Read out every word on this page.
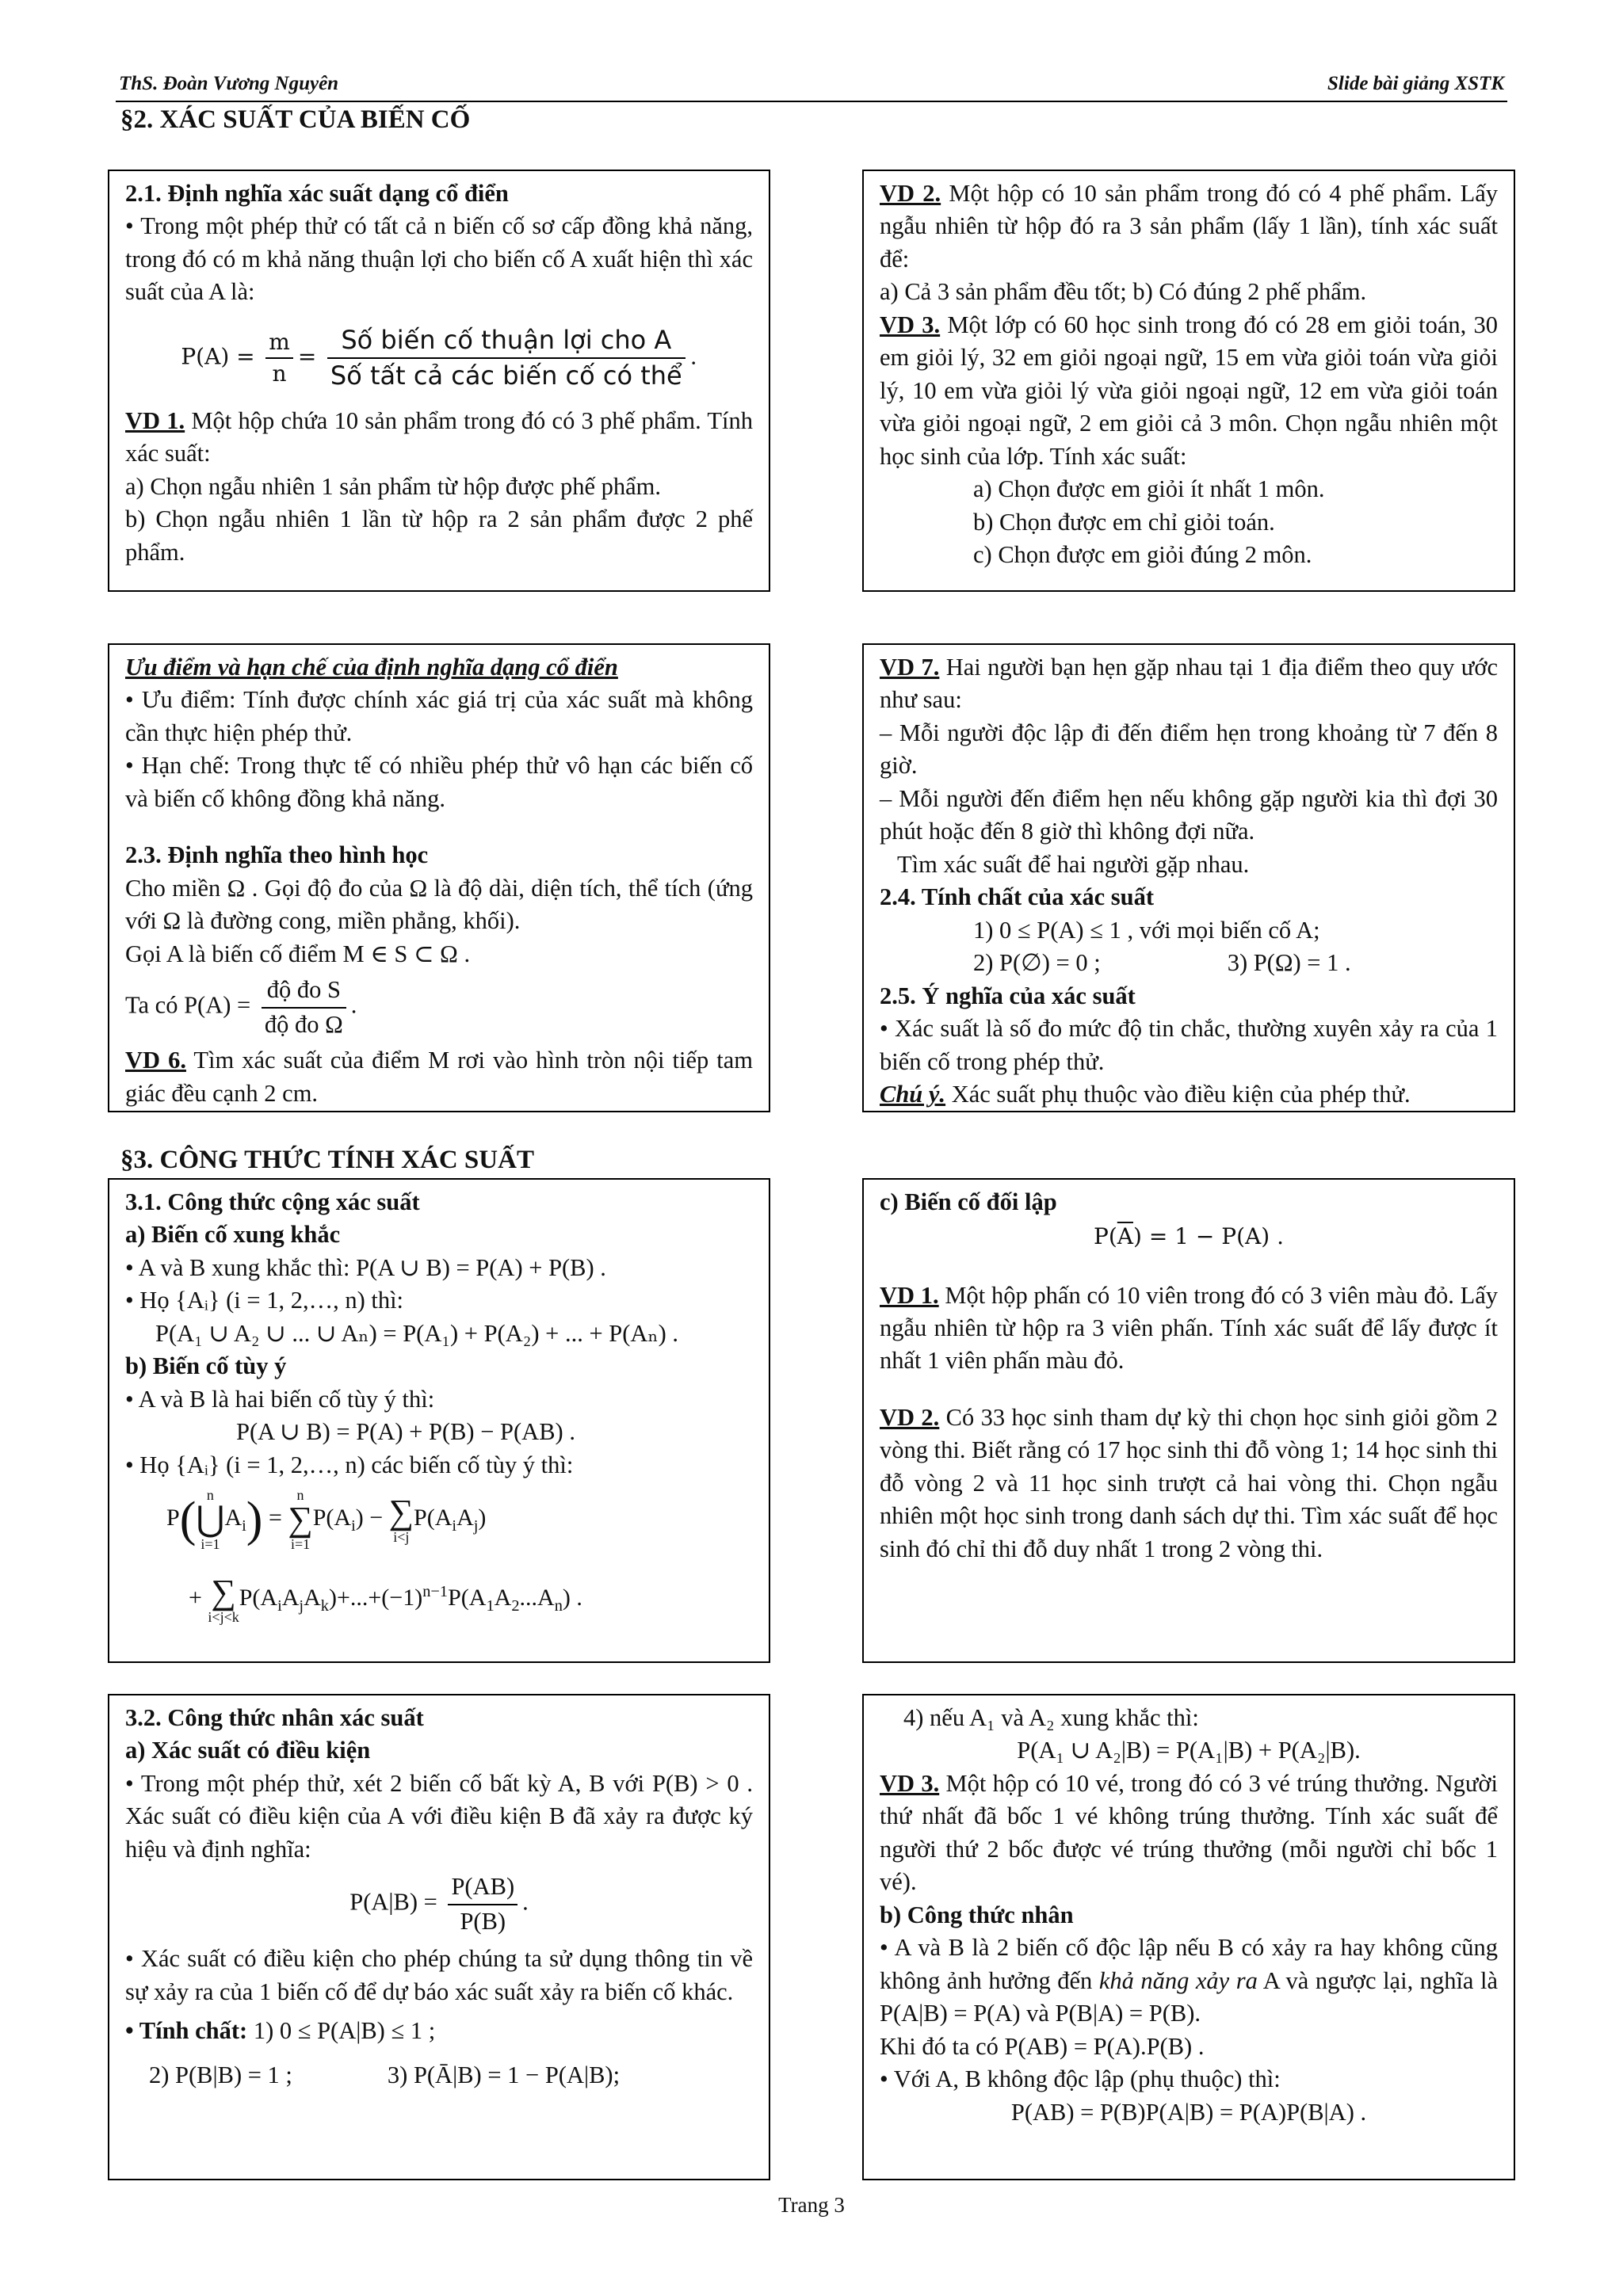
ThS. Đoàn Vương Nguyên	Slide bài giảng XSTK
§2. XÁC SUẤT CỦA BIẾN CỐ

2.1. Định nghĩa xác suất dạng cổ điển

• Trong một phép thử có tất cả n biến cố sơ cấp đồng khả năng, trong đó có m khả năng thuận lợi cho biến cố A xuất hiện thì xác suất của A là:

$P(A) = \frac{m}{n} = \frac{\text{Số biến cố thuận lợi cho A}}{\text{Số tất cả các biến cố có thể}}$ .

VD 1. Một hộp chứa 10 sản phẩm trong đó có 3 phế phẩm. Tính xác suất:

a) Chọn ngẫu nhiên 1 sản phẩm từ hộp được phế phẩm.

b) Chọn ngẫu nhiên 1 lần từ hộp ra 2 sản phẩm được 2 phế phẩm.

VD 2. Một hộp có 10 sản phẩm trong đó có 4 phế phẩm. Lấy ngẫu nhiên từ hộp đó ra 3 sản phẩm (lấy 1 lần), tính xác suất để:

a) Cả 3 sản phẩm đều tốt; b) Có đúng 2 phế phẩm.

VD 3. Một lớp có 60 học sinh trong đó có 28 em giỏi toán, 30 em giỏi lý, 32 em giỏi ngoại ngữ, 15 em vừa giỏi toán vừa giỏi lý, 10 em vừa giỏi lý vừa giỏi ngoại ngữ, 12 em vừa giỏi toán vừa giỏi ngoại ngữ, 2 em giỏi cả 3 môn. Chọn ngẫu nhiên một học sinh của lớp. Tính xác suất:

a) Chọn được em giỏi ít nhất 1 môn.

b) Chọn được em chỉ giỏi toán.

c) Chọn được em giỏi đúng 2 môn.

Ưu điểm và hạn chế của định nghĩa dạng cổ điển

• Ưu điểm: Tính được chính xác giá trị của xác suất mà không cần thực hiện phép thử.

• Hạn chế: Trong thực tế có nhiều phép thử vô hạn các biến cố và biến cố không đồng khả năng.

2.3. Định nghĩa theo hình học

Cho miền Ω . Gọi độ đo của Ω là độ dài, diện tích, thể tích (ứng với Ω là đường cong, miền phẳng, khối).

Gọi A là biến cố điểm M ∈ S ⊂ Ω .

Ta có $P(A) = \frac{\text{độ đo S}}{\text{độ đo Ω}}$ .

VD 6. Tìm xác suất của điểm M rơi vào hình tròn nội tiếp tam giác đều cạnh 2 cm.

VD 7. Hai người bạn hẹn gặp nhau tại 1 địa điểm theo quy ước như sau:

– Mỗi người độc lập đi đến điểm hẹn trong khoảng từ 7 đến 8 giờ.

– Mỗi người đến điểm hẹn nếu không gặp người kia thì đợi 30 phút hoặc đến 8 giờ thì không đợi nữa.

Tìm xác suất để hai người gặp nhau.

2.4. Tính chất của xác suất

1) 0 ≤ P(A) ≤ 1 , với mọi biến cố A;

2) P(∅) = 0 ;	3) P(Ω) = 1 .

2.5. Ý nghĩa của xác suất

• Xác suất là số đo mức độ tin chắc, thường xuyên xảy ra của 1 biến cố trong phép thử.

Chú ý. Xác suất phụ thuộc vào điều kiện của phép thử.

§3. CÔNG THỨC TÍNH XÁC SUẤT

3.1. Công thức cộng xác suất

a) Biến cố xung khắc

• A và B xung khắc thì: P(A ∪ B) = P(A) + P(B) .

• Họ {Aᵢ} (i = 1, 2,…, n) thì:

P(A₁ ∪ A₂ ∪ ... ∪ Aₙ) = P(A₁) + P(A₂) + ... + P(Aₙ) .

b) Biến cố tùy ý

• A và B là hai biến cố tùy ý thì:

P(A ∪ B) = P(A) + P(B) − P(AB) .

• Họ {Aᵢ} (i = 1, 2,…, n) các biến cố tùy ý thì:

P( n
⋃
i=1
$A_i$) =
n
∑
i=1
$P(A_i)$ − ∑
i<j
$P(A_iA_j)$
+ ∑
i<j<k
$P(A_iA_jA_k)+...+(-1)^{n-1}P(A_1A_2...A_n)$ .

c) Biến cố đối lập

$P(\overline{A}) = 1 - P(A)$ .

VD 1. Một hộp phấn có 10 viên trong đó có 3 viên màu đỏ. Lấy ngẫu nhiên từ hộp ra 3 viên phấn. Tính xác suất để lấy được ít nhất 1 viên phấn màu đỏ.

VD 2. Có 33 học sinh tham dự kỳ thi chọn học sinh giỏi gồm 2 vòng thi. Biết rằng có 17 học sinh thi đỗ vòng 1; 14 học sinh thi đỗ vòng 2 và 11 học sinh trượt cả hai vòng thi. Chọn ngẫu nhiên một học sinh trong danh sách dự thi. Tìm xác suất để học sinh đó chỉ thi đỗ duy nhất 1 trong 2 vòng thi.

3.2. Công thức nhân xác suất

a) Xác suất có điều kiện

• Trong một phép thử, xét 2 biến cố bất kỳ A, B với P(B) > 0 . Xác suất có điều kiện của A với điều kiện B đã xảy ra được ký hiệu và định nghĩa:

$P(A|B) = \frac{P(AB)}{P(B)}$ .

• Xác suất có điều kiện cho phép chúng ta sử dụng thông tin về sự xảy ra của 1 biến cố để dự báo xác suất xảy ra biến cố khác.

• Tính chất: 1) 0 ≤ P(A|B) ≤ 1 ;

2) P(B|B) = 1 ;	3) P(Ā|B) = 1 − P(A|B);

4) nếu A₁ và A₂ xung khắc thì:

P(A₁ ∪ A₂|B) = P(A₁|B) + P(A₂|B).

VD 3. Một hộp có 10 vé, trong đó có 3 vé trúng thưởng. Người thứ nhất đã bốc 1 vé không trúng thưởng. Tính xác suất để người thứ 2 bốc được vé trúng thưởng (mỗi người chỉ bốc 1 vé).

b) Công thức nhân

• A và B là 2 biến cố độc lập nếu B có xảy ra hay không cũng không ảnh hưởng đến khả năng xảy ra A và ngược lại, nghĩa là P(A|B) = P(A) và P(B|A) = P(B).

Khi đó ta có P(AB) = P(A).P(B) .

• Với A, B không độc lập (phụ thuộc) thì:

P(AB) = P(B)P(A|B) = P(A)P(B|A) .

Trang 3
